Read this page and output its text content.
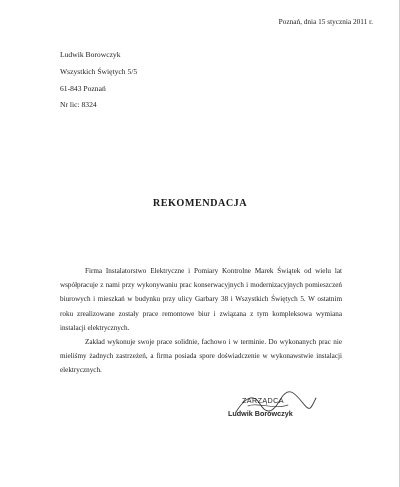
Poznań, dnia 15 stycznia 2011 r.
Ludwik Borowczyk
Wszystkich Świętych 5/5
61-843 Poznań
Nr lic: 8324
REKOMENDACJA

Firma Instalatorstwo Elektryczne i Pomiary Kontrolne Marek Świątek od wielu lat współpracuje z nami przy wykonywaniu prac konserwacyjnych i modernizacyjnych pomieszczeń biurowych i mieszkań w budynku przy ulicy Garbary 38 i Wszystkich Świętych 5. W ostatnim roku zrealizowane zostały prace remontowe biur i związana z tym kompleksowa wymiana instalacji elektrycznych.

Zakład wykonuje swoje prace solidnie, fachowo i w terminie. Do wykonanych prac nie mieliśmy żadnych zastrzeżeń, a firma posiada spore doświadczenie w wykonawstwie instalacji elektrycznych.

ZARZĄDCA
Ludwik Borowczyk
